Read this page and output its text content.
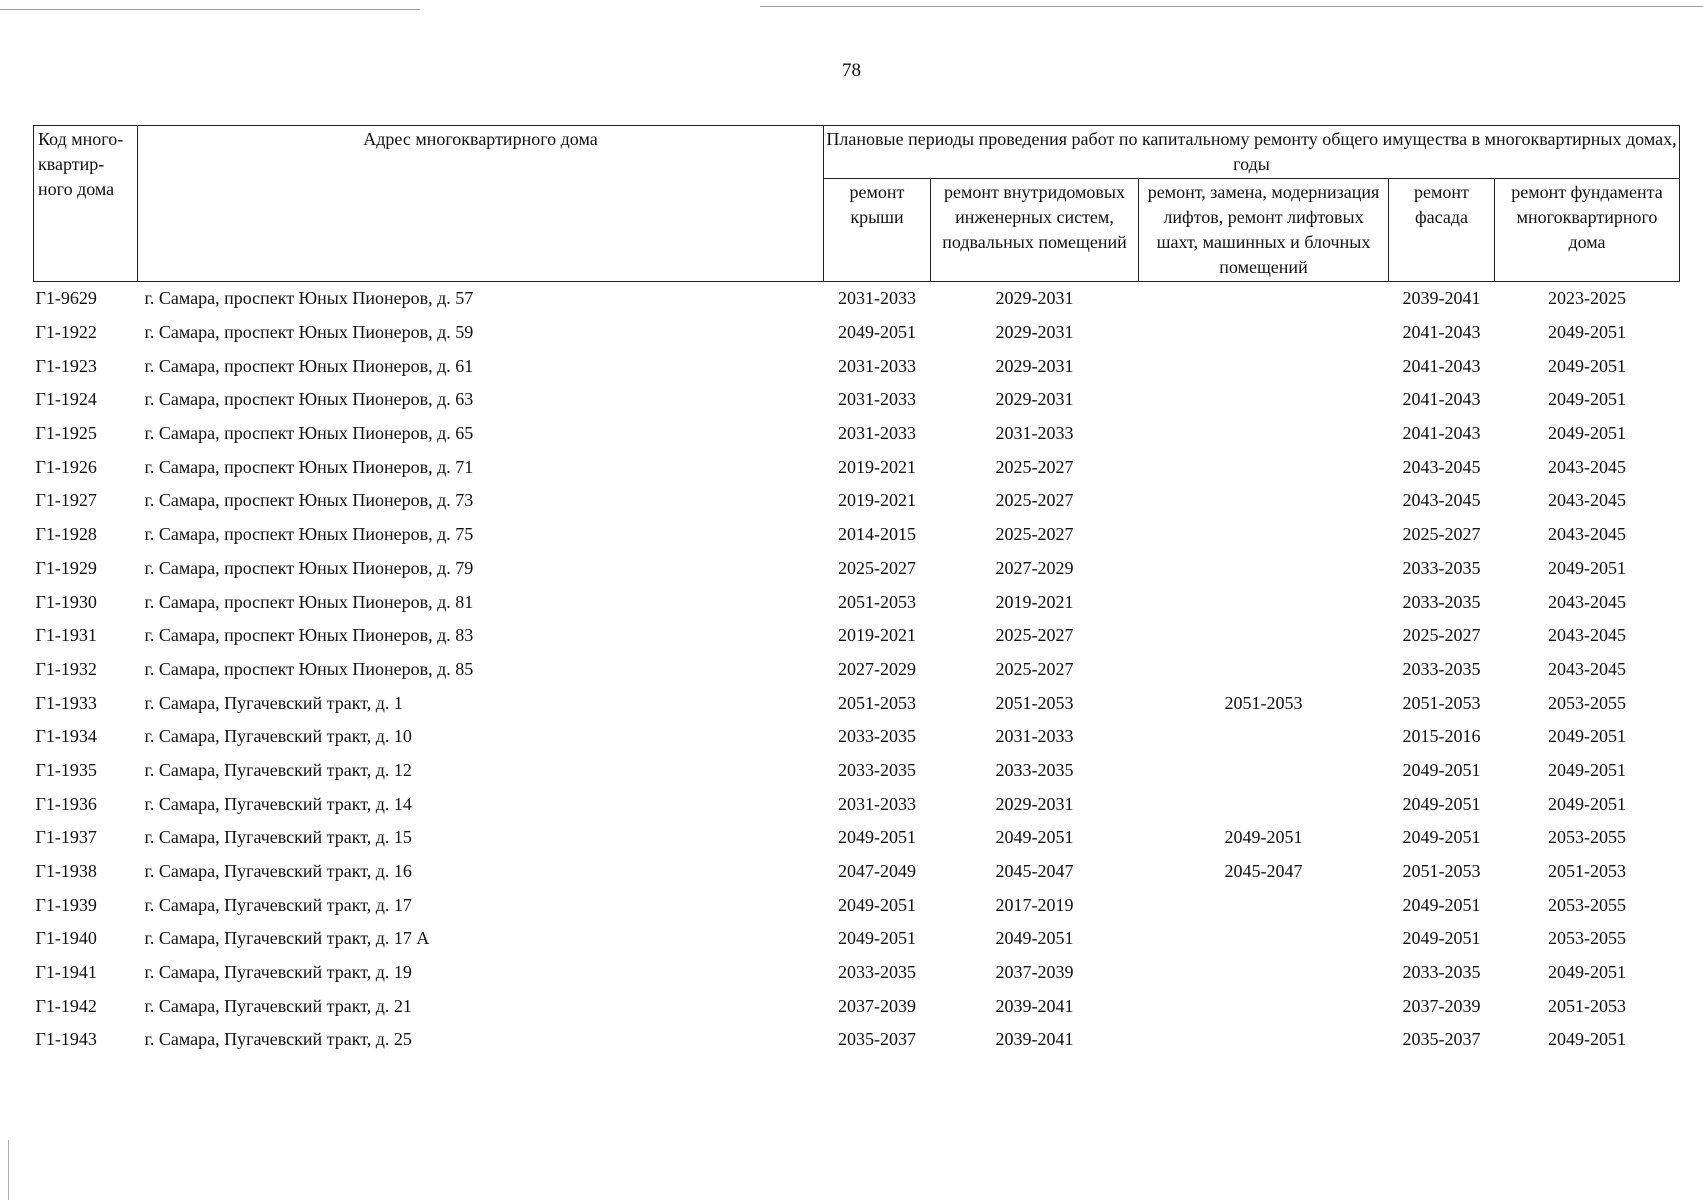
78
Код много-квартир-ного дома	Адрес многоквартирного дома	Плановые периоды проведения работ по капитальному ремонту общего имущества в многоквартирных домах, годы				
		ремонт крыши	ремонт внутридомовых инженерных систем, подвальных помещений	ремонт, замена, модернизация лифтов, ремонт лифтовых шахт, машинных и блочных помещений	ремонт фасада	ремонт фундамента многоквартирного дома
Г1-9629	г. Самара, проспект Юных Пионеров, д. 57	2031-2033	2029-2031		2039-2041	2023-2025
Г1-1922	г. Самара, проспект Юных Пионеров, д. 59	2049-2051	2029-2031		2041-2043	2049-2051
Г1-1923	г. Самара, проспект Юных Пионеров, д. 61	2031-2033	2029-2031		2041-2043	2049-2051
Г1-1924	г. Самара, проспект Юных Пионеров, д. 63	2031-2033	2029-2031		2041-2043	2049-2051
Г1-1925	г. Самара, проспект Юных Пионеров, д. 65	2031-2033	2031-2033		2041-2043	2049-2051
Г1-1926	г. Самара, проспект Юных Пионеров, д. 71	2019-2021	2025-2027		2043-2045	2043-2045
Г1-1927	г. Самара, проспект Юных Пионеров, д. 73	2019-2021	2025-2027		2043-2045	2043-2045
Г1-1928	г. Самара, проспект Юных Пионеров, д. 75	2014-2015	2025-2027		2025-2027	2043-2045
Г1-1929	г. Самара, проспект Юных Пионеров, д. 79	2025-2027	2027-2029		2033-2035	2049-2051
Г1-1930	г. Самара, проспект Юных Пионеров, д. 81	2051-2053	2019-2021		2033-2035	2043-2045
Г1-1931	г. Самара, проспект Юных Пионеров, д. 83	2019-2021	2025-2027		2025-2027	2043-2045
Г1-1932	г. Самара, проспект Юных Пионеров, д. 85	2027-2029	2025-2027		2033-2035	2043-2045
Г1-1933	г. Самара, Пугачевский тракт, д. 1	2051-2053	2051-2053	2051-2053	2051-2053	2053-2055
Г1-1934	г. Самара, Пугачевский тракт, д. 10	2033-2035	2031-2033		2015-2016	2049-2051
Г1-1935	г. Самара, Пугачевский тракт, д. 12	2033-2035	2033-2035		2049-2051	2049-2051
Г1-1936	г. Самара, Пугачевский тракт, д. 14	2031-2033	2029-2031		2049-2051	2049-2051
Г1-1937	г. Самара, Пугачевский тракт, д. 15	2049-2051	2049-2051	2049-2051	2049-2051	2053-2055
Г1-1938	г. Самара, Пугачевский тракт, д. 16	2047-2049	2045-2047	2045-2047	2051-2053	2051-2053
Г1-1939	г. Самара, Пугачевский тракт, д. 17	2049-2051	2017-2019		2049-2051	2053-2055
Г1-1940	г. Самара, Пугачевский тракт, д. 17 А	2049-2051	2049-2051		2049-2051	2053-2055
Г1-1941	г. Самара, Пугачевский тракт, д. 19	2033-2035	2037-2039		2033-2035	2049-2051
Г1-1942	г. Самара, Пугачевский тракт, д. 21	2037-2039	2039-2041		2037-2039	2051-2053
Г1-1943	г. Самара, Пугачевский тракт, д. 25	2035-2037	2039-2041		2035-2037	2049-2051
